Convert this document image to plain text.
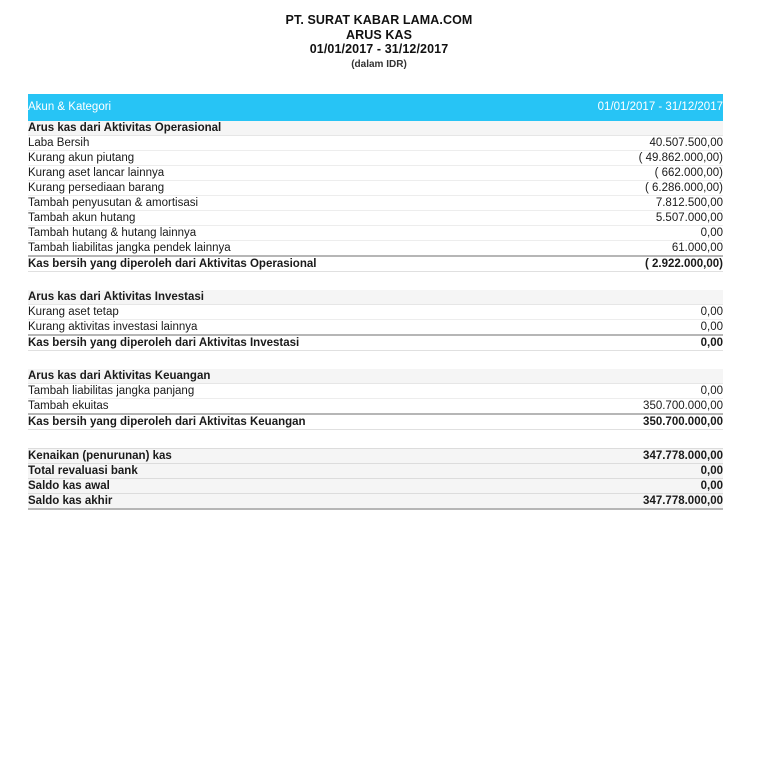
PT. SURAT KABAR LAMA.COM
ARUS KAS
01/01/2017 - 31/12/2017
(dalam IDR)
Akun & Kategori	01/01/2017 - 31/12/2017
Arus kas dari Aktivitas Operasional	
Laba Bersih	40.507.500,00
Kurang akun piutang	( 49.862.000,00)
Kurang aset lancar lainnya	( 662.000,00)
Kurang persediaan barang	( 6.286.000,00)
Tambah penyusutan & amortisasi	7.812.500,00
Tambah akun hutang	5.507.000,00
Tambah hutang & hutang lainnya	0,00
Tambah liabilitas jangka pendek lainnya	61.000,00
Kas bersih yang diperoleh dari Aktivitas Operasional	( 2.922.000,00)

Arus kas dari Aktivitas Investasi	
Kurang aset tetap	0,00
Kurang aktivitas investasi lainnya	0,00
Kas bersih yang diperoleh dari Aktivitas Investasi	0,00

Arus kas dari Aktivitas Keuangan	
Tambah liabilitas jangka panjang	0,00
Tambah ekuitas	350.700.000,00
Kas bersih yang diperoleh dari Aktivitas Keuangan	350.700.000,00

Kenaikan (penurunan) kas	347.778.000,00
Total revaluasi bank	0,00
Saldo kas awal	0,00
Saldo kas akhir	347.778.000,00
